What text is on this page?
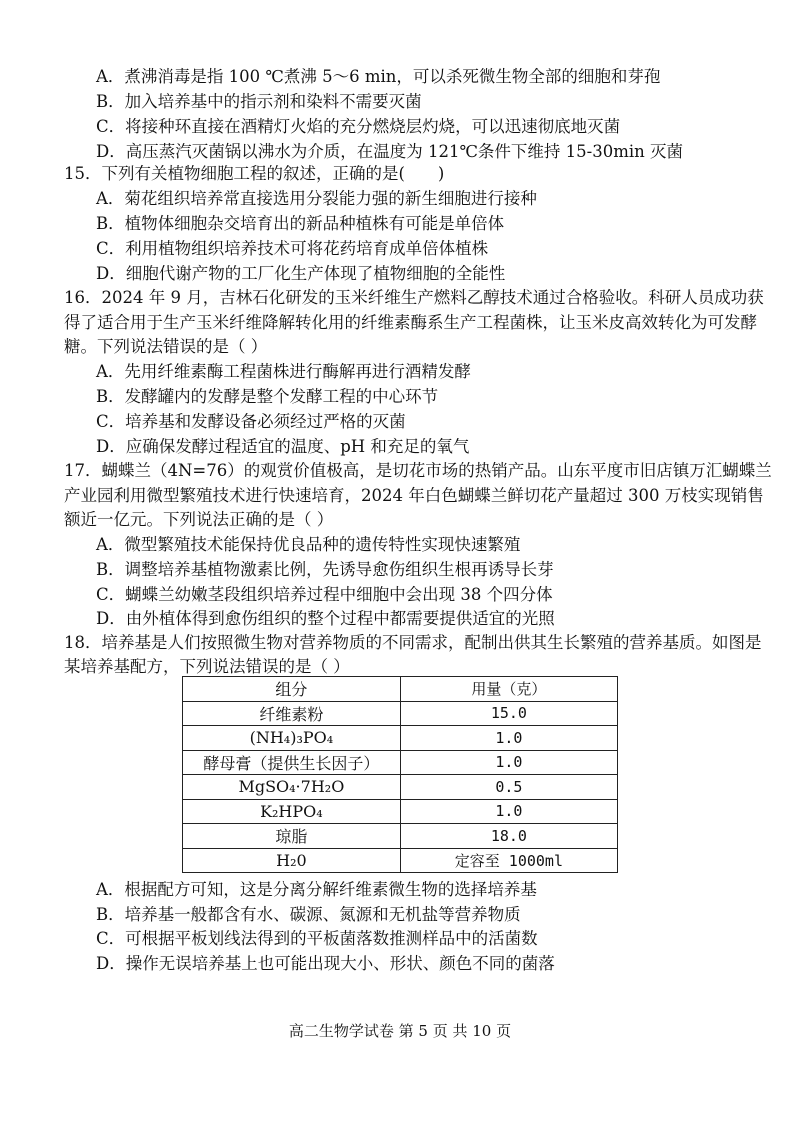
A．煮沸消毒是指 100 ℃煮沸 5～6 min，可以杀死微生物全部的细胞和芽孢
B．加入培养基中的指示剂和染料不需要灭菌
C．将接种环直接在酒精灯火焰的充分燃烧层灼烧，可以迅速彻底地灭菌
D．高压蒸汽灭菌锅以沸水为介质，在温度为 121℃条件下维持 15-30min 灭菌
15．下列有关植物细胞工程的叙述，正确的是(　　)
A．菊花组织培养常直接选用分裂能力强的新生细胞进行接种
B．植物体细胞杂交培育出的新品种植株有可能是单倍体
C．利用植物组织培养技术可将花药培育成单倍体植株
D．细胞代谢产物的工厂化生产体现了植物细胞的全能性
16．2024 年 9 月，吉林石化研发的玉米纤维生产燃料乙醇技术通过合格验收。科研人员成功获
得了适合用于生产玉米纤维降解转化用的纤维素酶系生产工程菌株，让玉米皮高效转化为可发酵
糖。下列说法错误的是（ ）
A．先用纤维素酶工程菌株进行酶解再进行酒精发酵
B．发酵罐内的发酵是整个发酵工程的中心环节
C．培养基和发酵设备必须经过严格的灭菌
D．应确保发酵过程适宜的温度、pH 和充足的氧气
17．蝴蝶兰（4N=76）的观赏价值极高，是切花市场的热销产品。山东平度市旧店镇万汇蝴蝶兰
产业园利用微型繁殖技术进行快速培育，2024 年白色蝴蝶兰鲜切花产量超过 300 万枝实现销售
额近一亿元。下列说法正确的是（ ）
A．微型繁殖技术能保持优良品种的遗传特性实现快速繁殖
B．调整培养基植物激素比例，先诱导愈伤组织生根再诱导长芽
C．蝴蝶兰幼嫩茎段组织培养过程中细胞中会出现 38 个四分体
D．由外植体得到愈伤组织的整个过程中都需要提供适宜的光照
18．培养基是人们按照微生物对营养物质的不同需求，配制出供其生长繁殖的营养基质。如图是
某培养基配方，下列说法错误的是（ ）
组分	用量（克）
纤维素粉	15.0
(NH₄)₃PO₄	1.0
酵母膏（提供生长因子）	1.0
MgSO₄·7H₂O	0.5
K₂HPO₄	1.0
琼脂	18.0
H₂0	定容至 1000ml
A．根据配方可知，这是分离分解纤维素微生物的选择培养基
B．培养基一般都含有水、碳源、氮源和无机盐等营养物质
C．可根据平板划线法得到的平板菌落数推测样品中的活菌数
D．操作无误培养基上也可能出现大小、形状、颜色不同的菌落
高二生物学试卷 第 5 页 共 10 页
